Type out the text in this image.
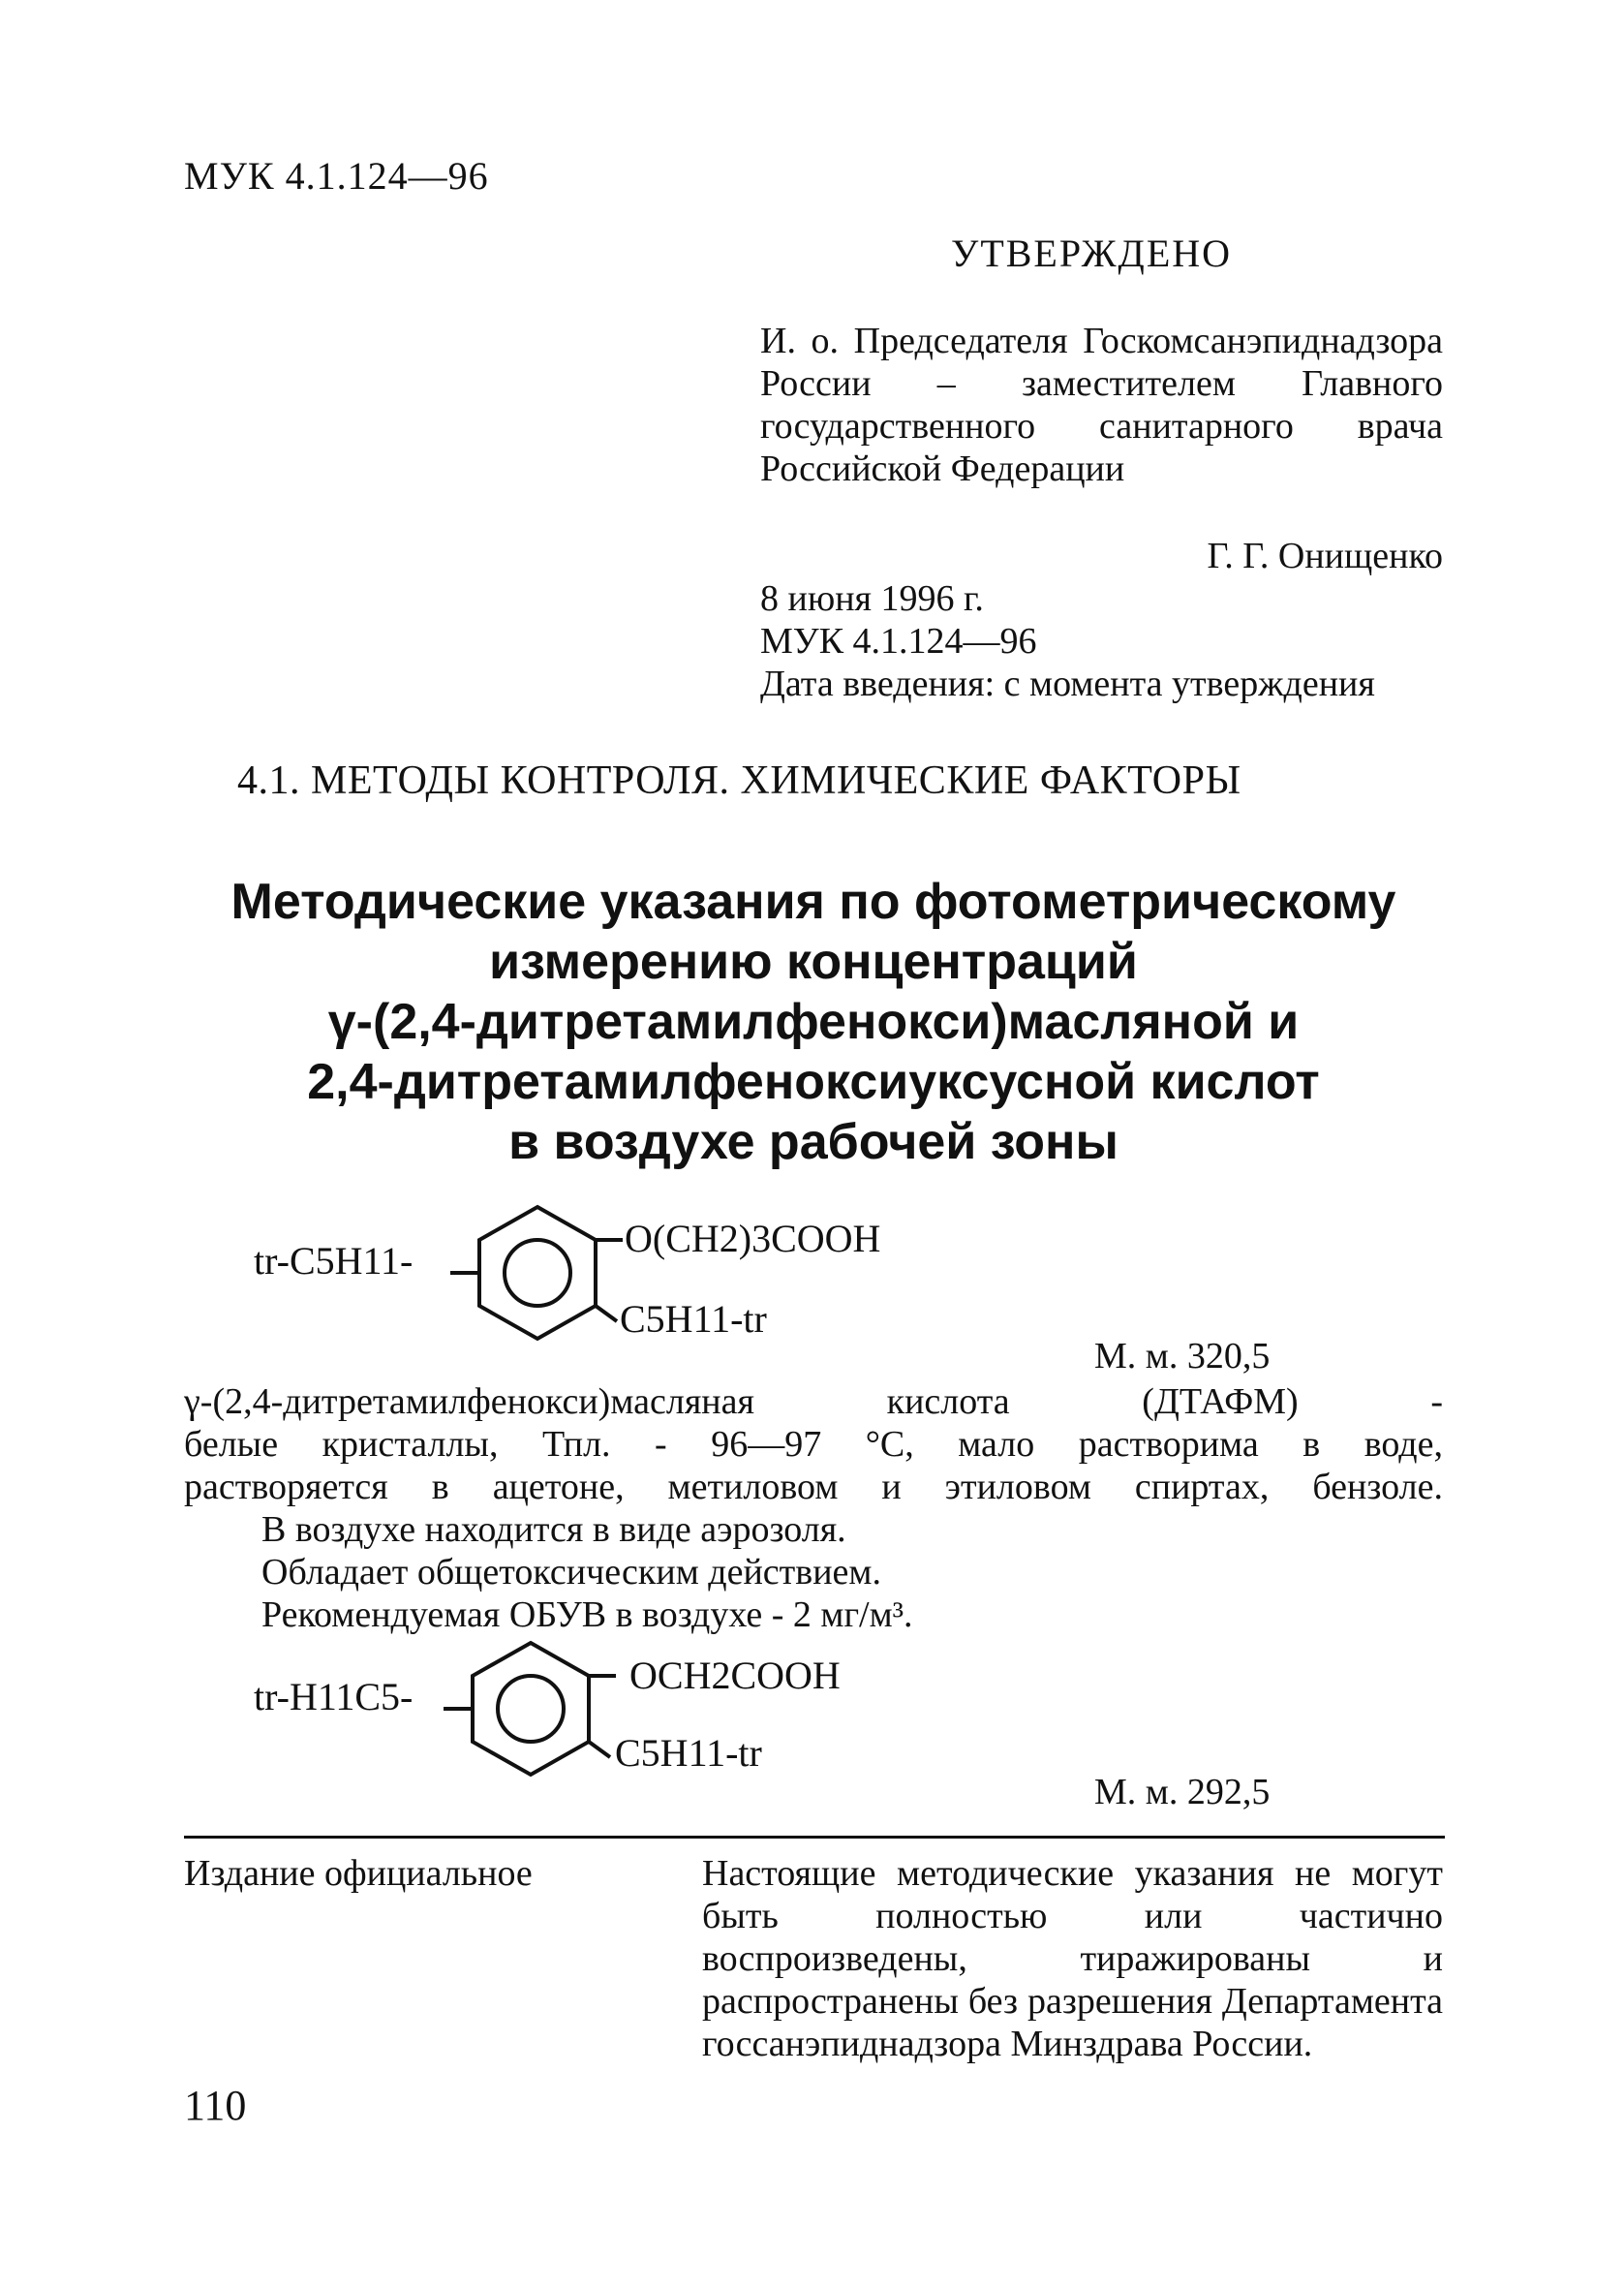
МУК 4.1.124—96
УТВЕРЖДЕНО
И. о. Председателя Госкомсанэпиднадзора России – заместителем Главного государственного санитарного врача Российской Федерации
Г. Г. Онищенко
8 июня 1996 г.
МУК 4.1.124—96
Дата введения: с момента утверждения
4.1. МЕТОДЫ КОНТРОЛЯ. ХИМИЧЕСКИЕ ФАКТОРЫ
Методические указания по фотометрическому
измерению концентраций
γ-(2,4-дитретамилфенокси)масляной и
2,4-дитретамилфеноксиуксусной кислот
в воздухе рабочей зоны
tr-C5H11-
O(CH2)3COOH
C5H11-tr
М. м. 320,5

γ-(2,4-дитретамилфенокси)масляная кислота (ДТАФМ) -

белые кристаллы, Тпл. - 96—97 °С, мало растворима в воде,

растворяется в ацетоне, метиловом и этиловом спиртах, бензоле.

В воздухе находится в виде аэрозоля.

Обладает общетоксическим действием.

Рекомендуемая ОБУВ в воздухе - 2 мг/м³.

tr-H11C5-	OCH2COOH
C5H11-tr
М. м. 292,5
Издание официальное	Настоящие методические указания не могут быть полностью или частично воспроизведены, тиражированы и распространены без разрешения Департамента госсанэпиднадзора Минздрава России.
110
